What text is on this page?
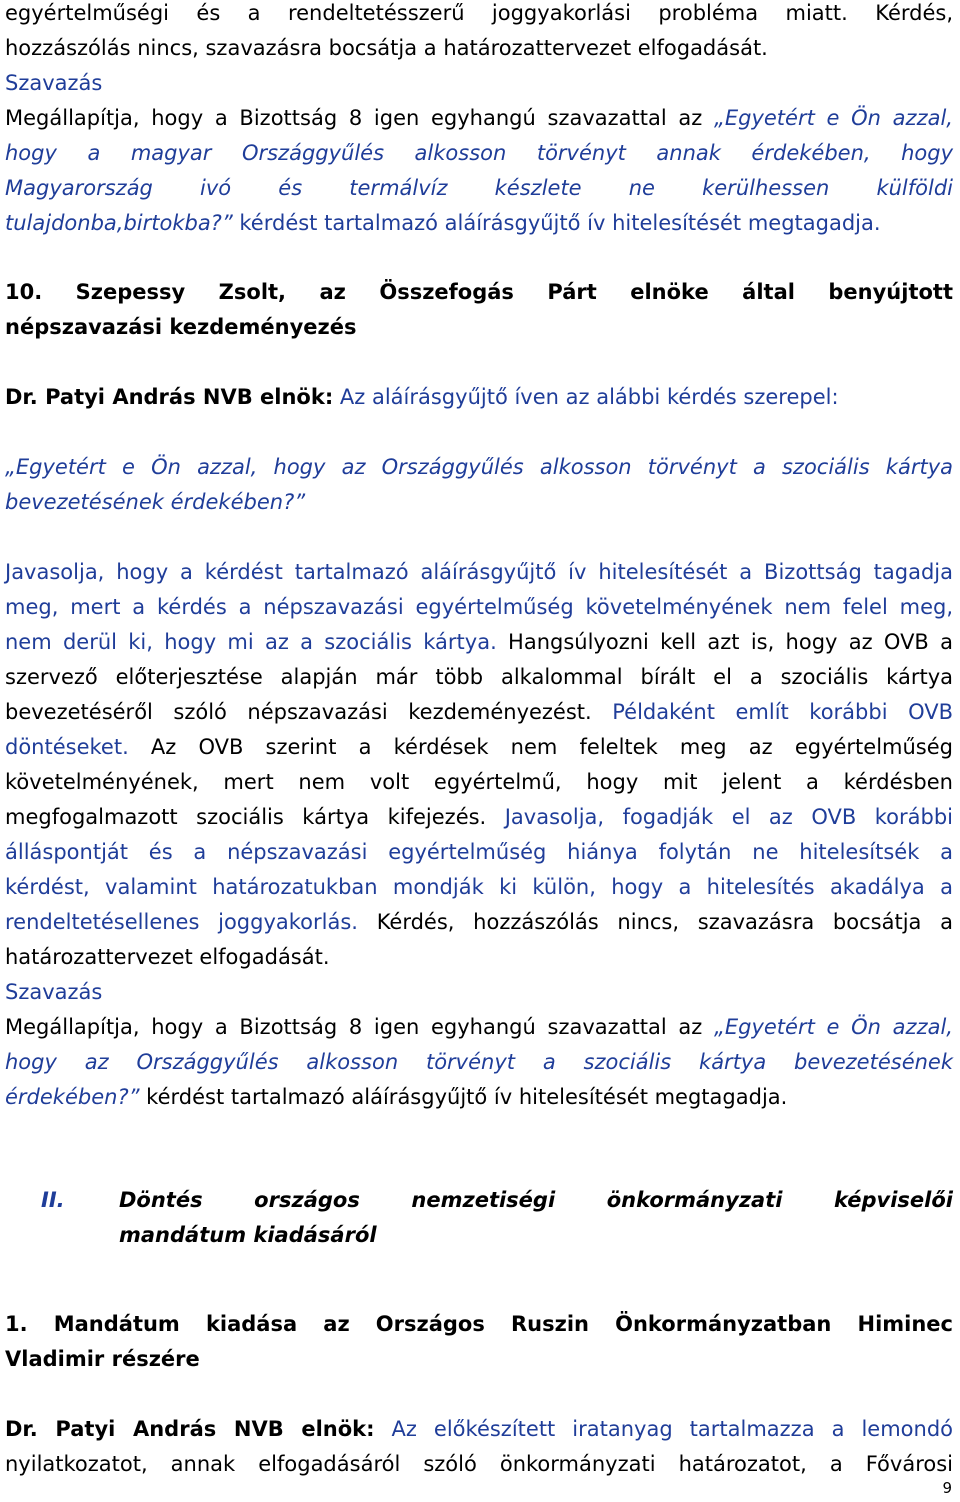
egyértelműségi és a rendeltetésszerű joggyakorlási probléma miatt. Kérdés,

hozzászólás nincs, szavazásra bocsátja a határozattervezet elfogadását.

Szavazás

Megállapítja, hogy a Bizottság 8 igen egyhangú szavazattal az „Egyetért e Ön azzal,

hogy a magyar Országgyűlés alkosson törvényt annak érdekében, hogy

Magyarország ivó és termálvíz készlete ne kerülhessen külföldi

tulajdonba,birtokba?” kérdést tartalmazó aláírásgyűjtő ív hitelesítését megtagadja.

10. Szepessy Zsolt, az Összefogás Párt elnöke által benyújtott

népszavazási kezdeményezés

Dr. Patyi András NVB elnök: Az aláírásgyűjtő íven az alábbi kérdés szerepel:

„Egyetért e Ön azzal, hogy az Országgyűlés alkosson törvényt a szociális kártya

bevezetésének érdekében?”

Javasolja, hogy a kérdést tartalmazó aláírásgyűjtő ív hitelesítését a Bizottság tagadja

meg, mert a kérdés a népszavazási egyértelműség követelményének nem felel meg,

nem derül ki, hogy mi az a szociális kártya. Hangsúlyozni kell azt is, hogy az OVB a

szervező előterjesztése alapján már több alkalommal bírált el a szociális kártya

bevezetéséről szóló népszavazási kezdeményezést. Példaként említ korábbi OVB

döntéseket. Az OVB szerint a kérdések nem feleltek meg az egyértelműség

követelményének, mert nem volt egyértelmű, hogy mit jelent a kérdésben

megfogalmazott szociális kártya kifejezés. Javasolja, fogadják el az OVB korábbi

álláspontját és a népszavazási egyértelműség hiánya folytán ne hitelesítsék a

kérdést, valamint határozatukban mondják ki külön, hogy a hitelesítés akadálya a

rendeltetésellenes joggyakorlás. Kérdés, hozzászólás nincs, szavazásra bocsátja a

határozattervezet elfogadását.

Szavazás

Megállapítja, hogy a Bizottság 8 igen egyhangú szavazattal az „Egyetért e Ön azzal,

hogy az Országgyűlés alkosson törvényt a szociális kártya bevezetésének

érdekében?” kérdést tartalmazó aláírásgyűjtő ív hitelesítését megtagadja.

II.	Döntés országos nemzetiségi önkormányzati képviselői

mandátum kiadásáról

1. Mandátum kiadása az Országos Ruszin Önkormányzatban Himinec

Vladimir részére

Dr. Patyi András NVB elnök: Az előkészített iratanyag tartalmazza a lemondó

nyilatkozatot, annak elfogadásáról szóló önkormányzati határozatot, a Fővárosi

9
